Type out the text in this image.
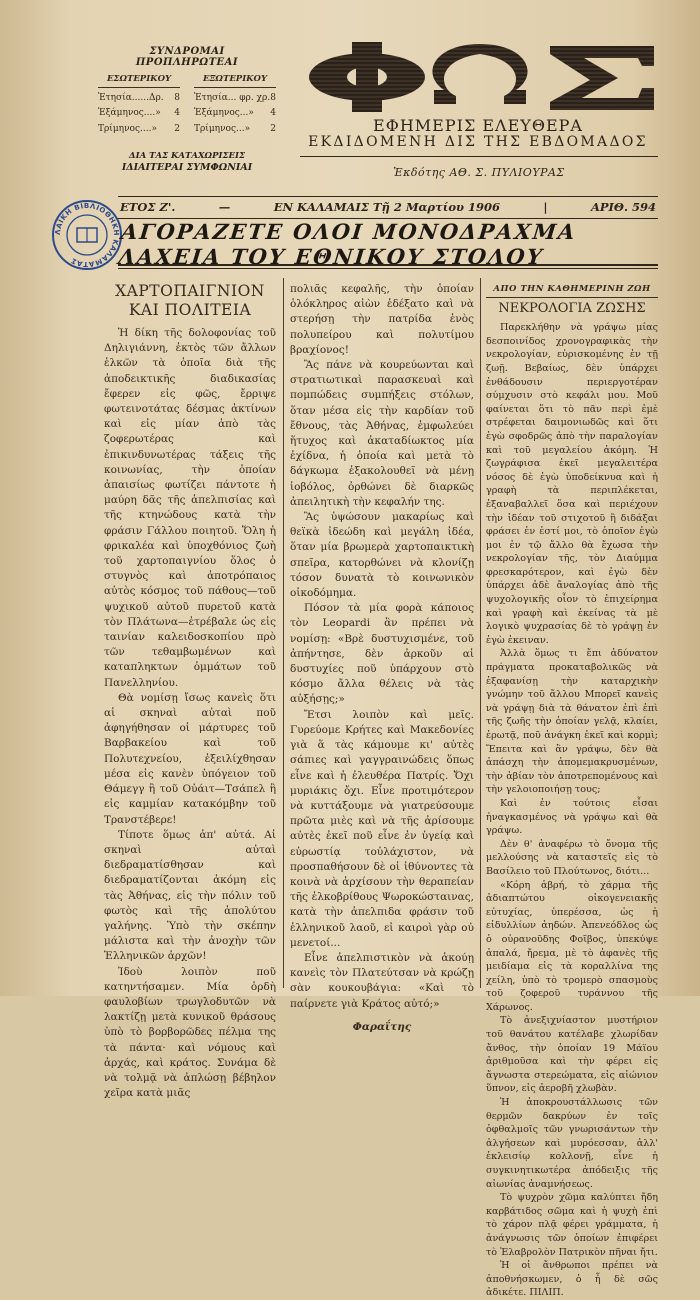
ΣΥΝΔΡΟΜΑΙ ΠΡΟΠΛΗΡΩΤΕΑΙ
ΕΣΩΤΕΡΙΚΟΥ
Ἐτησία......Δρ. 8
Ἑξάμηνος....» 4
Τρίμηνος....» 2
ΕΞΩΤΕΡΙΚΟΥ
Ἐτησία... φρ. χρ. 8
Ἑξάμηνος...» 4
Τρίμηνος...» 2
ΔΙΑ ΤΑΣ ΚΑΤΑΧΩΡΙΣΕΙΣ
ΙΔΙΑΙΤΕΡΑΙ ΣΥΜΦΩΝΙΑΙ
ΕΦΗΜΕΡΙΣ ΕΛΕΥΘΕΡΑ
ΕΚΔΙΔΟΜΕΝΗ ΔΙΣ ΤΗΣ ΕΒΔΟΜΑΔΟΣ
Ἐκδότης ΑΘ. Σ. ΠΥΛΙΟΥΡΑΣ
ΕΤΟΣ Ζ'.	—	ΕΝ ΚΑΛΑΜΑΙΣ Τῇ 2 Μαρτίου 1906	|	ΑΡΙΘ. 594
ΛΑΪΚΗ ΒΙΒΛΙΟΘΗΚΗ ΚΑΛΑΜΑΤΑΣ
ΑΓΟΡΑΖΕΤΕ ΟΛΟΙ ΜΟΝΟΔΡΑΧΜΑ ΛΑΧΕΙΑ ΤΟΥ ΕΘΝΙΚΟΥ ΣΤΟΛΟΥ
ΧΑΡΤΟΠΑΙΓΝΙΟΝ
ΚΑΙ ΠΟΛΙΤΕΙΑ

Ἡ δίκη τῆς δολοφονίας τοῦ Δηλιγιάννη, ἐκτὸς τῶν ἄλλων ἑλκῶν τὰ ὁποῖα διὰ τῆς ἀποδεικτικῆς διαδικασίας ἔφερεν εἰς φῶς, ἔρριψε φωτεινοτάτας δέσμας ἀκτίνων καὶ εἰς μίαν ἀπὸ τὰς ζοφερωτέρας καὶ ἐπικινδυνωτέρας τάξεις τῆς κοινωνίας, τὴν ὁποίαν ἀπαισίως φωτίζει πάντοτε ἡ μαύρη δᾶς τῆς ἀπελπισίας καὶ τῆς κτηνώδους κατὰ τὴν φράσιν Γάλλου ποιητοῦ. Ὅλη ἡ φρικαλέα καὶ ὑποχθόνιος ζωὴ τοῦ χαρτοπαιγνίου ὅλος ὁ στυγνὸς καὶ ἀποτρόπαιος αὐτὸς κόσμος τοῦ πάθους—τοῦ ψυχικοῦ αὐτοῦ πυρετοῦ κατὰ τὸν Πλάτωνα—ἐτρέβαλε ὡς εἰς ταινίαν καλειδοσκοπίου πρὸ τῶν τεθαμβωμένων καὶ καταπληκτων ὀμμάτων τοῦ Πανελληνίου.

Θὰ νομίσῃ ἴσως κανεὶς ὅτι αἱ σκηναὶ αὐταὶ ποῦ ἀφηγήθησαν οἱ μάρτυρες τοῦ Βαρβακείου καὶ τοῦ Πολυτεχνείου, ἐξειλίχθησαν μέσα εἰς κανὲν ὑπόγειον τοῦ Θάμεγγ ἢ τοῦ Οὐάιτ—Τσάπελ ἢ εἰς καμμίαν κατακόμβην τοῦ Τρανστέβερε!

Τίποτε ὅμως ἀπ' αὐτά. Αἱ σκηναὶ αὐταὶ διεδραματίσθησαν καὶ διεδραματίζονται ἀκόμη εἰς τὰς Ἀθήνας, εἰς τὴν πόλιν τοῦ φωτὸς καὶ τῆς ἀπολύτου γαλήνης. Ὑπὸ τὴν σκέπην μάλιστα καὶ τὴν ἀνοχὴν τῶν Ἑλληνικῶν ἀρχῶν!

Ἰδοὺ λοιπὸν ποῦ κατηντήσαμεν. Μία ὁρδὴ φαυλοβίων τρωγλοδυτῶν νὰ λακτίζῃ μετὰ κυνικοῦ θράσους ὑπὸ τὸ βορβορῶδες πέλμα της τὰ πάντα· καὶ νόμους καὶ ἀρχάς, καὶ κράτος. Συνάμα δὲ νὰ τολμᾷ νὰ ἀπλώσῃ βέβηλον χεῖρα κατὰ μιᾶς

πολιᾶς κεφαλῆς, τὴν ὁποίαν ὁλόκληρος αἰὼν ἐδέξατο καὶ νὰ στερήσῃ τὴν πατρίδα ἑνὸς πολυπείρου καὶ πολυτίμου βραχίονος!

Ἂς πάνε νὰ κουρεύωνται καὶ στρατιωτικαὶ παρασκευαὶ καὶ πομπώδεις συμπήξεις στόλων, ὅταν μέσα εἰς τὴν καρδίαν τοῦ ἔθνους, τὰς Ἀθήνας, ἐμφωλεύει ἥτυχος καὶ ἀκαταδίωκτος μία ἐχίδνα, ἡ ὁποία καὶ μετὰ τὸ δάγκωμα ἐξακολουθεῖ νὰ μένῃ ἰοβόλος, ὀρθώνει δὲ διαρκῶς ἀπειλητικὴ τὴν κεφαλήν της.

Ἂς ὑψώσουν μακαρίως καὶ θεϊκὰ ἰδεώδη καὶ μεγάλη ἰδέα, ὅταν μία βρωμερὰ χαρτοπαικτικὴ σπεῖρα, κατορθώνει νὰ κλονίζῃ τόσον δυνατὰ τὸ κοινωνικὸν οἰκοδόμημα.

Πόσον τὰ μία φορὰ κάποιος τὸν Leopardi ἂν πρέπει νὰ νομίσῃ: «Βρὲ δυστυχισμένε, τοῦ ἀπήντησε, δὲν ἀρκοῦν αἱ δυστυχίες ποῦ ὑπάρχουν στὸ κόσμο ἄλλα θέλεις νὰ τὰς αὐξήσῃς;»

Ἔτσι λοιπὸν καὶ μεῖς. Γυρεύομε Κρήτες καὶ Μακεδονίες γιὰ ἅ τὰς κάμουμε κι' αὐτὲς σάπιες καὶ γαγγραινώδεις ὅπως εἶνε καὶ ἡ ἐλευθέρα Πατρίς. Ὄχι μυριάκις ὄχι. Εἶνε προτιμότερον νὰ κυττάξουμε νὰ γιατρεύσουμε πρῶτα μιὲς καὶ νὰ τῆς ἀρίσουμε αὐτὲς ἐκεῖ ποῦ εἶνε ἐν ὑγείᾳ καὶ εὐρωστίᾳ τοὐλάχιστον, νὰ προσπαθήσουν δὲ οἱ ἰθύνοντες τὰ κοινὰ νὰ ἀρχίσουν τὴν θεραπείαν τῆς ἐλκοβρίθους Ψωροκώσταινας, κατὰ τὴν ἀπελπιδα φράσιν τοῦ ἑλληνικοῦ λαοῦ, εἰ καιροὶ γὰρ οὐ μενετοί...

Εἶνε ἀπελπιστικὸν νὰ ἀκούῃ κανεὶς τὸν Πλατεύτσαν νὰ κρώζῃ σὰν κουκουβάγια: «Καὶ τὸ παίρνετε γιὰ Κράτος αὐτό;»

Φαραΐτης
ΑΠΟ ΤΗΝ ΚΑΘΗΜΕΡΙΝΗ ΖΩΗ
ΝΕΚΡΟΛΟΓΙΑ ΖΩΣΗΣ

Παρεκλήθην νὰ γράψω μίας δεσποινίδος χρονογραφικὰς τὴν νεκρολογίαν, εὑρισκομένης ἐν τῇ ζωῇ. Βεβαίως, δὲν ὑπάρχει ἐνθάδουσιν περιεργοτέραν σύμχυσιν στὸ κεφάλι μου. Μοῦ φαίνεται ὅτι τὸ πᾶν περὶ ἐμὲ στρέφεται δαιμονιωδῶς καὶ ὅτι ἐγὼ σφοδρῶς ἀπὸ τὴν παραλογίαν καὶ τοῦ μεγαλείου ἀκόμη. Ἡ ζωγράφισα ἐκεῖ μεγαλειτέρα νόσος δὲ ἐγὼ ὑποδείκνυα καὶ ἡ γραφὴ τὰ περιπλέκεται, ἐξαναβαλλεῖ ὅσα καὶ περιέχουν τὴν ἰδέαν τοῦ στιχοτοῦ ἢ διδάξαι φράσει ἐν ἐστί μοι, τὸ ὁποῖον ἐγὼ μοι ἐν τῷ ἄλλο θὰ ἔχωσα τὴν νεκρολογίαν τῆς, τὸν Διαύμμα φρεσκαρότερον, καὶ ἐγὼ δὲν ὑπάρχει ἀδὲ ἄναλογίας ἀπὸ τῆς ψυχολογικῆς οἷον τὸ ἐπιχείρημα καὶ γραφὴ καὶ ἐκείνας τὰ μὲ λογικὸ ψυχρασίας δὲ τὸ γράψῃ ἐν ἑγὼ ἐκειναν.

Ἀλλὰ ὅμως τι ἔπι ἀδύνατον πράγματα προκαταβολικῶς νὰ ἐξαφανίσῃ τὴν καταρχικὴν γνώμην τοῦ ἄλλου Μπορεῖ κανεὶς νὰ γράψῃ διὰ τὰ θάνατον ἐπὶ ἐπὶ τῆς ζωῆς τὴν ὁποίαν γελᾷ, κλαίει, ἐρωτᾷ, ποῦ ἀνάγκη ἐκεῖ καὶ κορμὶ; Ἔπειτα καὶ ἂν γράψω, δὲν θὰ ἀπάσχη τὴν ἀπομεμακρυσμένων, τὴν ἀβίαν τὸν ἀποτρεπομένους καὶ τὴν γελοιοποιήσῃ τους;

Καὶ ἐν τούτοις εἶσαι ἠναγκασμένος νὰ γράψω καὶ θὰ γράψω.

Δὲν θ' ἀναφέρω τὸ ὄνομα τῆς μελλούσης νὰ καταστεῖς εἰς τὸ Βασίλειο τοῦ Πλούτωνος, διότι...

«Κόρη ἁβρή, τὸ χάρμα τῆς ἀδιαπτώτου οἰκογενειακῆς εὐτυχίας, ὑπερέσσα, ὡς ἡ εἰδυλλίων ἀηδών. Ἀπενεόδλος ὡς ὁ οὐρανοῦδης Φοῖβος, ὑπεκύψε ἁπαλά, ἤρεμα, μὲ τὸ ἀφανὲς τῆς μειδίαμα εἰς τὰ κοραλλίνα της χείλη, ὑπὸ τὸ τρομερὸ σπασμοὺς τοῦ ζοφεροῦ τυράννου τῆς Χάρωνος.

Τὸ ἀνεξιχνίαστον μυστήριον τοῦ θανάτου κατέλαβε χλωρίδαν ἄνθος, τὴν ὁποίαν 19 Μάϊου ἀριθμοῦσα καὶ τὴν φέρει εἰς ἄγνωστα στερεώματα, εἰς αἰώνιον ὕπνον, εἰς ἀεροβῆ χλωβὰν.

Ἡ ἀποκρουστάλλωσις τῶν θερμῶν δακρύων ἐν τοῖς ὀφθαλμοῖς τῶν γνωρισάντων τὴν ἀλγήσεων καὶ μυρόεσσαν, ἀλλ' ἐκλεισίῳ κολλονῇ, εἶνε ἡ συγκινητικωτέρα ἀπόδειξις τῆς αἰωνίας ἀναμνήσεως.

Τὸ ψυχρὸν χῶμα καλύπτει ἤδη καρβάτιδος σῶμα καὶ ἡ ψυχὴ ἐπὶ τὸ χάρον πλᾷ φέρει γράμματα, ἡ ἀνάγνωσις τῶν ὁποίων ἐπιφέρει τὸ Ἐλαβρολὸν Πατρικὸν πῆναι ἤτι.

Ἡ οἱ ἄνθρωποι πρέπει νὰ ἀποθνήσκωμεν, ὁ ἦ δὲ σῶς ἀδικέτε. ΠΙΛΙΠ.
